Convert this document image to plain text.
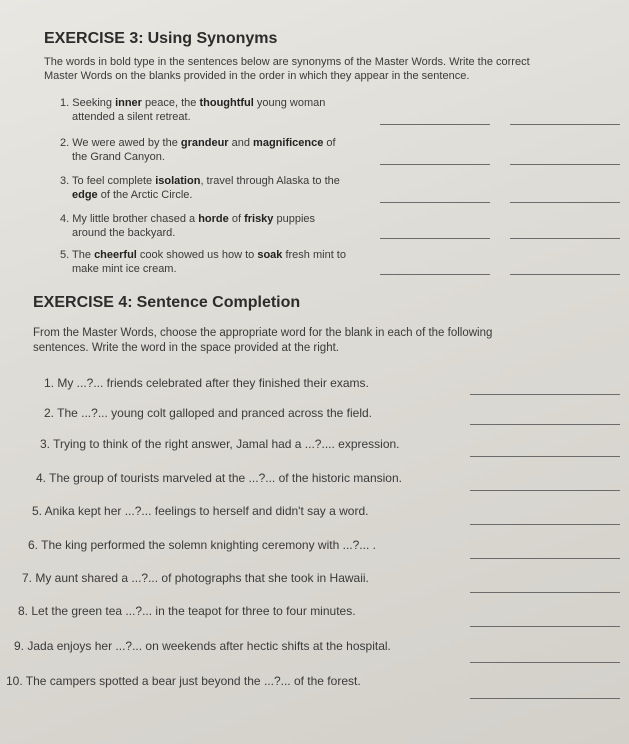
EXERCISE 3: Using Synonyms
The words in bold type in the sentences below are synonyms of the Master Words. Write the correct
Master Words on the blanks provided in the order in which they appear in the sentence.
1. Seeking inner peace, the thoughtful young woman
attended a silent retreat.
2. We were awed by the grandeur and magnificence of
the Grand Canyon.
3. To feel complete isolation, travel through Alaska to the
edge of the Arctic Circle.
4. My little brother chased a horde of frisky puppies
around the backyard.
5. The cheerful cook showed us how to soak fresh mint to
make mint ice cream.
EXERCISE 4: Sentence Completion
From the Master Words, choose the appropriate word for the blank in each of the following
sentences. Write the word in the space provided at the right.
1. My ...?... friends celebrated after they finished their exams.
2. The ...?... young colt galloped and pranced across the field.
3. Trying to think of the right answer, Jamal had a ...?.... expression.
4. The group of tourists marveled at the ...?... of the historic mansion.
5. Anika kept her ...?... feelings to herself and didn't say a word.
6. The king performed the solemn knighting ceremony with ...?... .
7. My aunt shared a ...?... of photographs that she took in Hawaii.
8. Let the green tea ...?... in the teapot for three to four minutes.
9. Jada enjoys her ...?... on weekends after hectic shifts at the hospital.
10. The campers spotted a bear just beyond the ...?... of the forest.
